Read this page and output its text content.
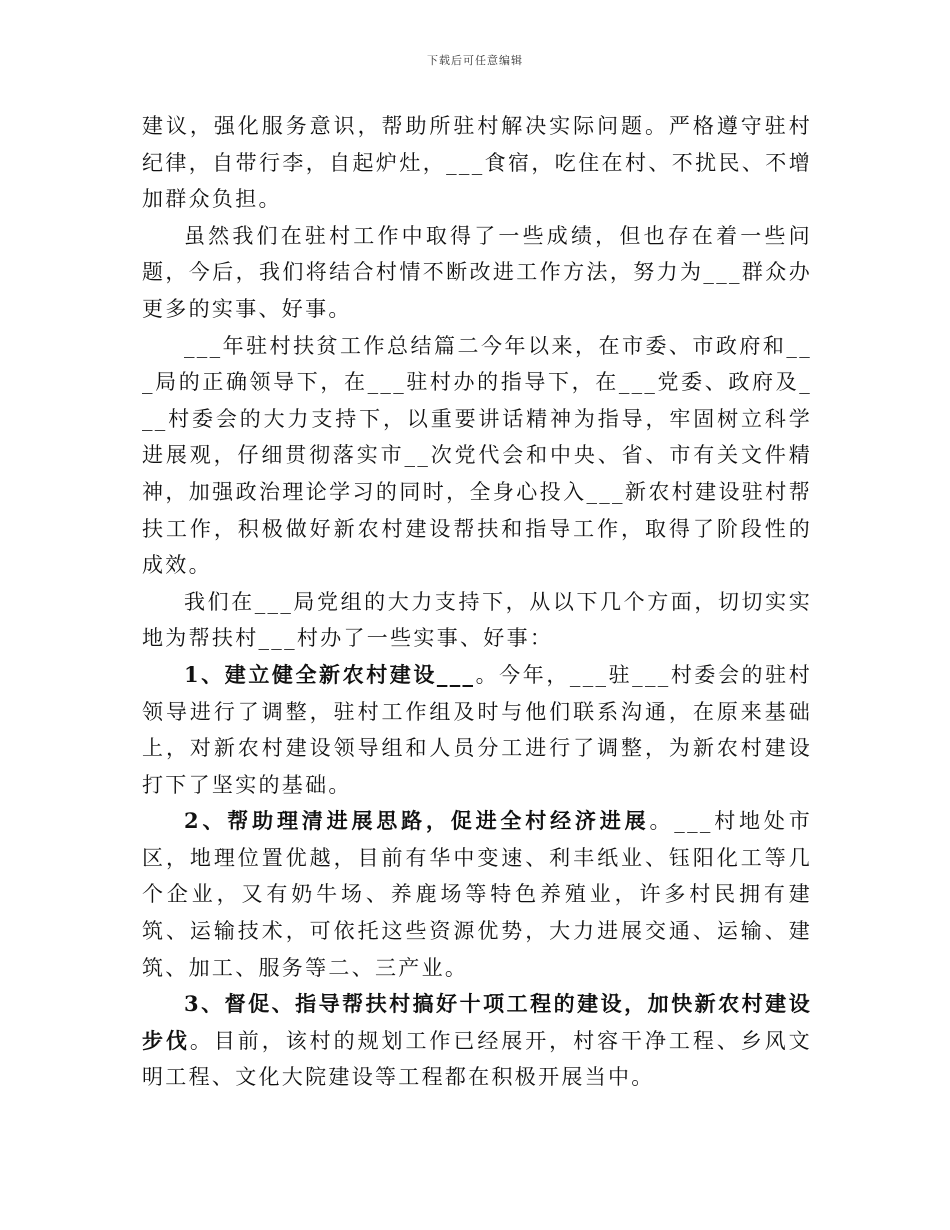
下载后可任意编辑

建议，强化服务意识，帮助所驻村解决实际问题。严格遵守驻村纪律，自带行李，自起炉灶，___食宿，吃住在村、不扰民、不增加群众负担。

虽然我们在驻村工作中取得了一些成绩，但也存在着一些问题，今后，我们将结合村情不断改进工作方法，努力为___群众办更多的实事、好事。

___年驻村扶贫工作总结篇二今年以来，在市委、市政府和___局的正确领导下，在___驻村办的指导下，在___党委、政府及___村委会的大力支持下，以重要讲话精神为指导，牢固树立科学进展观，仔细贯彻落实市__次党代会和中央、省、市有关文件精神，加强政治理论学习的同时，全身心投入___新农村建设驻村帮扶工作，积极做好新农村建设帮扶和指导工作，取得了阶段性的成效。

我们在___局党组的大力支持下，从以下几个方面，切切实实地为帮扶村___村办了一些实事、好事：

1、建立健全新农村建设___。今年，___驻___村委会的驻村领导进行了调整，驻村工作组及时与他们联系沟通，在原来基础上，对新农村建设领导组和人员分工进行了调整，为新农村建设打下了坚实的基础。

2、帮助理清进展思路，促进全村经济进展。___村地处市区，地理位置优越，目前有华中变速、利丰纸业、钰阳化工等几个企业，又有奶牛场、养鹿场等特色养殖业，许多村民拥有建筑、运输技术，可依托这些资源优势，大力进展交通、运输、建筑、加工、服务等二、三产业。

3、督促、指导帮扶村搞好十项工程的建设，加快新农村建设步伐。目前，该村的规划工作已经展开，村容干净工程、乡风文明工程、文化大院建设等工程都在积极开展当中。
